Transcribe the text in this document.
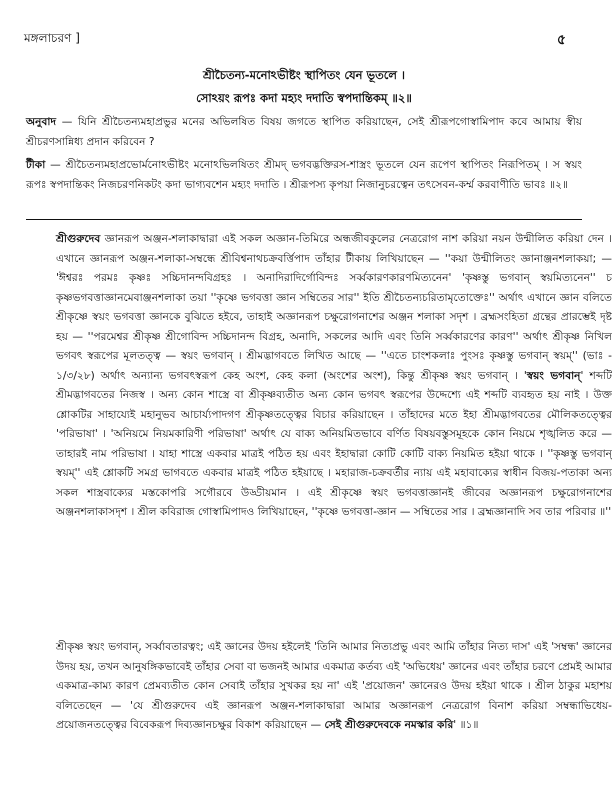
মঙ্গলাচরণ ]	৫
শ্রীচৈতন্য-মনোঽভীষ্টং স্থাপিতং যেন ভূতলে ।
সোঽয়ং রূপঃ কদা মহ্যং দদাতি স্বপদান্তিকম্ ॥২॥
অনুবাদ — যিনি শ্রীচৈতন্যমহাপ্রভুর মনের অভিলষিত বিষয় জগতে স্থাপিত করিয়াছেন, সেই শ্রীরূপগোস্বামিপাদ কবে আমায় স্বীয় শ্রীচরণসান্নিধ্য প্রদান করিবেন ?
টীকা — শ্রীচৈতন্যমহাপ্রভোর্মনোঽভীষ্টং মনোঽভিলষিতং শ্রীমদ্ ভগবদ্ভক্তিরস-শাস্ত্রং ভূতলে যেন রূপেণ স্থাপিতং নিরূপিতম্ । স স্বয়ং রূপঃ স্বপদান্তিকং নিজচরণনিকটং কদা ভাগ্যবশেন মহ্যং দদাতি । শ্রীরূপস্য কৃপয়া নিজানুচরত্বেন তৎসেবন-কর্ম্ম করবাণীতি ভাবঃ ॥২॥
শ্রীগুরুদেব জ্ঞানরূপ অঞ্জন-শলাকাদ্বারা এই সকল অজ্ঞান-তিমিরে অন্ধজীবকুলের নেত্ররোগ নাশ করিয়া নয়ন উন্মীলিত করিয়া দেন । এখানে জ্ঞানরূপ অঞ্জন-শলাকা-সম্বন্ধে শ্রীবিশ্বনাথচক্রবর্ত্তিপাদ তাঁহার টীকায় লিখিয়াছেন — ''কয়া উন্মীলিতং জ্ঞানাঞ্জনশলাকয়া; — 'ঈশ্বরঃ পরমঃ কৃষ্ণঃ সচ্চিদানন্দবিগ্রহঃ । অনাদিরাদির্গোবিন্দঃ সর্ব্বকারণকারণমিত্যনেন' 'কৃষ্ণস্তু ভগবান্ স্বয়মিত্যনেন'' চ কৃষ্ণভগবত্তাজ্ঞানমেবাঞ্জনশলাকা তয়া ''কৃষ্ণে ভগবত্তা জ্ঞান সম্বিতের সার'' ইতি শ্রীচৈতন্যচরিতামৃতোক্তেঃ'' অর্থাৎ এখানে জ্ঞান বলিতে শ্রীকৃষ্ণে স্বয়ং ভগবত্তা জ্ঞানকে বুঝিতে হইবে, তাহাই অজ্ঞানরূপ চক্ষুরোগনাশের অঞ্জন শলাকা সদৃশ । ব্রহ্মসংহিতা গ্রন্থের প্রারম্ভেই দৃষ্ট হয় — ''পরমেশ্বর শ্রীকৃষ্ণ শ্রীগোবিন্দ সচ্চিদানন্দ বিগ্রহ, অনাদি, সকলের আদি এবং তিনি সর্ব্বকারণের কারণ'' অর্থাৎ শ্রীকৃষ্ণ নিখিল ভগবৎ স্বরূপের মূলতত্ত্ব — স্বয়ং ভগবান্ । শ্রীমদ্ভাগবতে লিখিত আছে — ''এতে চাংশকলাঃ পুংসঃ কৃষ্ণস্তু ভগবান্ স্বয়ম্'' (ভাঃ - ১/৩/২৮) অর্থাৎ অন্যান্য ভগবৎস্বরূপ কেহ অংশ, কেহ কলা (অংশের অংশ), কিন্তু শ্রীকৃষ্ণ স্বয়ং ভগবান্ । 'স্বয়ং ভগবান্' শব্দটি শ্রীমদ্ভাগবতের নিজস্ব । অন্য কোন শাস্ত্রে বা শ্রীকৃষ্ণব্যতীত অন্য কোন ভগবৎ স্বরূপের উদ্দেশ্যে এই শব্দটি ব্যবহৃত হয় নাই । উক্ত শ্লোকটির সাহায্যেই মহানুভব আচার্য্যপাদগণ শ্রীকৃষ্ণতত্ত্বের বিচার করিয়াছেন । তাঁহাদের মতে ইহা শ্রীমদ্ভাগবতের মৌলিকতত্ত্বের 'পরিভাষা' । 'অনিয়মে নিয়মকারিণী পরিভাষা' অর্থাৎ যে বাক্য অনিয়মিতভাবে বর্ণিত বিষয়বস্তুসমূহকে কোন নিয়মে শৃঙ্খলিত করে — তাহারই নাম পরিভাষা । যাহা শাস্ত্রে একবার মাত্রই পঠিত হয় এবং ইহাদ্বারা কোটি কোটি বাক্য নিয়মিত হইয়া থাকে । ''কৃষ্ণস্তু ভগবান্ স্বয়ম্'' এই শ্লোকটি সমগ্র ভাগবতে একবার মাত্রই পঠিত হইয়াছে । মহারাজ-চক্রবর্তীর ন্যায় এই মহাবাক্যের স্বাধীন বিজয়-পতাকা অন্য সকল শাস্ত্রবাক্যের মস্তকোপরি সগৌরবে উড্ডীয়মান । এই শ্রীকৃষ্ণে স্বয়ং ভগবত্তাজ্ঞানই জীবের অজ্ঞানরূপ চক্ষুরোগনাশের অঞ্জনশলাকাসদৃশ । শ্রীল কবিরাজ গোস্বামিপাদও লিখিয়াছেন, ''কৃষ্ণে ভগবত্তা-জ্ঞান — সম্বিতের সার । ব্রহ্মজ্ঞানাদি সব তার পরিবার ॥''
শ্রীকৃষ্ণ স্বয়ং ভগবান্, সর্ব্বাবতারত্বং; এই জ্ঞানের উদয় হইলেই 'তিনি আমার নিত্যপ্রভু এবং আমি তাঁহার নিত্য দাস' এই 'সম্বন্ধ' জ্ঞানের উদয় হয়, তখন আনুষঙ্গিকভাবেই তাঁহার সেবা বা ভজনই আমার একমাত্র কর্তব্য এই 'অভিধেয়' জ্ঞানের এবং তাঁহার চরণে প্রেমই আমার একমাত্র-কাম্য কারণ প্রেমব্যতীত কোন সেবাই তাঁহার সুখকর হয় না' এই 'প্রয়োজন' জ্ঞানেরও উদয় হইয়া থাকে । শ্রীল ঠাকুর মহাশয় বলিতেছেন — 'যে শ্রীগুরুদেব এই জ্ঞানরূপ অঞ্জন-শলাকাদ্বারা আমার অজ্ঞানরূপ নেত্ররোগ বিনাশ করিয়া সম্বন্ধাভিধেয়-প্রয়োজনতত্ত্বের বিবেকরূপ দিব্যজ্ঞানচক্ষুর বিকাশ করিয়াছেন — সেই শ্রীগুরুদেবকে নমস্কার করি' ॥১॥
